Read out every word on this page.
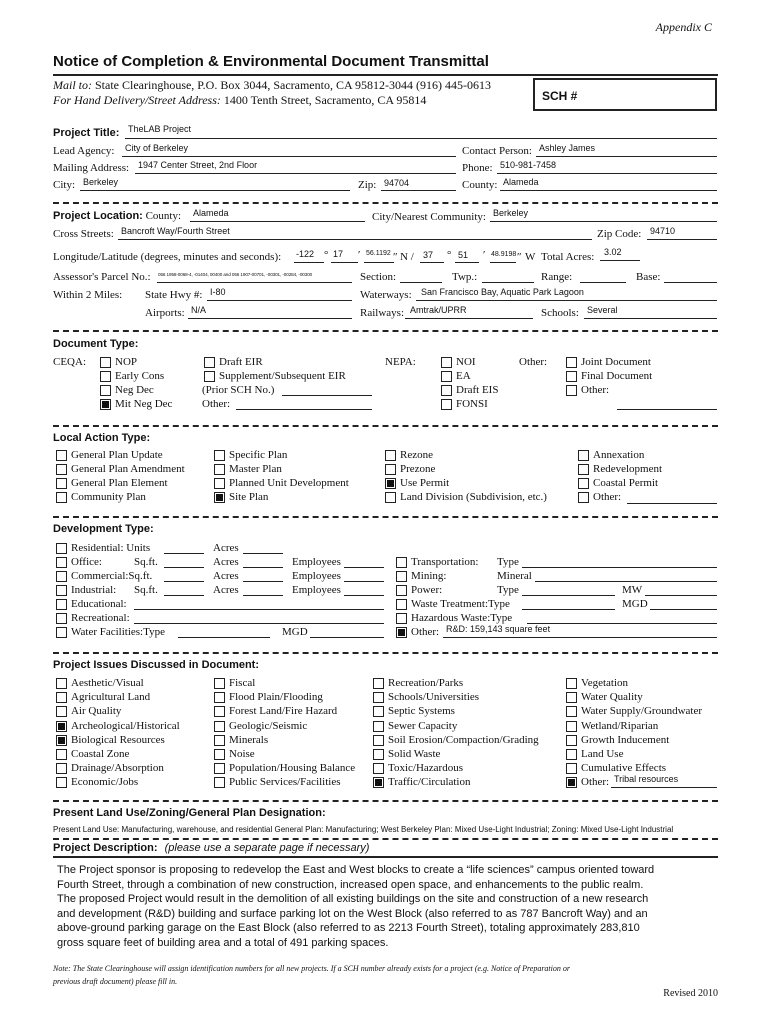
Appendix C
Notice of Completion & Environmental Document Transmittal
Mail to: State Clearinghouse, P.O. Box 3044, Sacramento, CA 95812-3044 (916) 445-0613
For Hand Delivery/Street Address: 1400 Tenth Street, Sacramento, CA 95814	SCH #
Project Title: TheLAB Project
Lead Agency: City of Berkeley	Contact Person: Ashley James
Mailing Address: 1947 Center Street, 2nd Floor	Phone: 510-981-7458
City: Berkeley	Zip: 94704	County: Alameda
Project Location: County: Alameda	City/Nearest Community: Berkeley
Cross Streets: Bancroft Way/Fourth Street	Zip Code: 94710
Longitude/Latitude (degrees, minutes and seconds): -122 ° 17 ′ 56.1192 ″ N / 37 ° 51 ′ 48.9198 ″ W Total Acres: 3.02
Assessor's Parcel No.: 056 1958-0068-4, -01404, 00400 and 056 1907-00701, -00301, -00284, -00300	Section:	Twp.:	Range:	Base:
Within 2 Miles: State Hwy #: I-80	Waterways: San Francisco Bay, Aquatic Park Lagoon
Airports: N/A	Railways: Amtrak/UPRR	Schools: Several
Document Type:
CEQA:	NOP
Early Cons
Neg Dec
Mit Neg Dec
Draft EIR
Supplement/Subsequent EIR
(Prior SCH No.)
Other:
NEPA:	NOI
EA
Draft EIS
FONSI
Other:	Joint Document
Final Document
Other:
Local Action Type:
General Plan Update
General Plan Amendment
General Plan Element
Community Plan
Specific Plan
Master Plan
Planned Unit Development
Site Plan
Rezone
Prezone
Use Permit
Land Division (Subdivision, etc.)
Annexation
Redevelopment
Coastal Permit
Other:
Development Type:
Residential: Units	Acres
Office:	Sq.ft.	Acres	Employees
Commercial:Sq.ft.	Acres	Employees
Industrial: Sq.ft.	Acres	Employees
Educational:
Recreational:
Water Facilities:Type	MGD
Transportation: Type
Mining:	Mineral
Power:	Type	MW
Waste Treatment:Type	MGD
Hazardous Waste:Type
Other: R&D: 159,143 square feet
Project Issues Discussed in Document:
Aesthetic/Visual
Agricultural Land
Air Quality
Archeological/Historical
Biological Resources
Coastal Zone
Drainage/Absorption
Economic/Jobs
Fiscal
Flood Plain/Flooding
Forest Land/Fire Hazard
Geologic/Seismic
Minerals
Noise
Population/Housing Balance
Public Services/Facilities
Recreation/Parks
Schools/Universities
Septic Systems
Sewer Capacity
Soil Erosion/Compaction/Grading
Solid Waste
Toxic/Hazardous
Traffic/Circulation
Vegetation
Water Quality
Water Supply/Groundwater
Wetland/Riparian
Growth Inducement
Land Use
Cumulative Effects
Other: Tribal resources
Present Land Use/Zoning/General Plan Designation:
Present Land Use: Manufacturing, warehouse, and residential General Plan: Manufacturing; West Berkeley Plan: Mixed Use-Light Industrial; Zoning: Mixed Use-Light Industrial
Project Description: (please use a separate page if necessary)
The Project sponsor is proposing to redevelop the East and West blocks to create a “life sciences” campus oriented toward
Fourth Street, through a combination of new construction, increased open space, and enhancements to the public realm.
The proposed Project would result in the demolition of all existing buildings on the site and construction of a new research
and development (R&D) building and surface parking lot on the West Block (also referred to as 787 Bancroft Way) and an
above-ground parking garage on the East Block (also referred to as 2213 Fourth Street), totaling approximately 283,810
gross square feet of building area and a total of 491 parking spaces.
Note: The State Clearinghouse will assign identification numbers for all new projects. If a SCH number already exists for a project (e.g. Notice of Preparation or
previous draft document) please fill in.
Revised 2010
